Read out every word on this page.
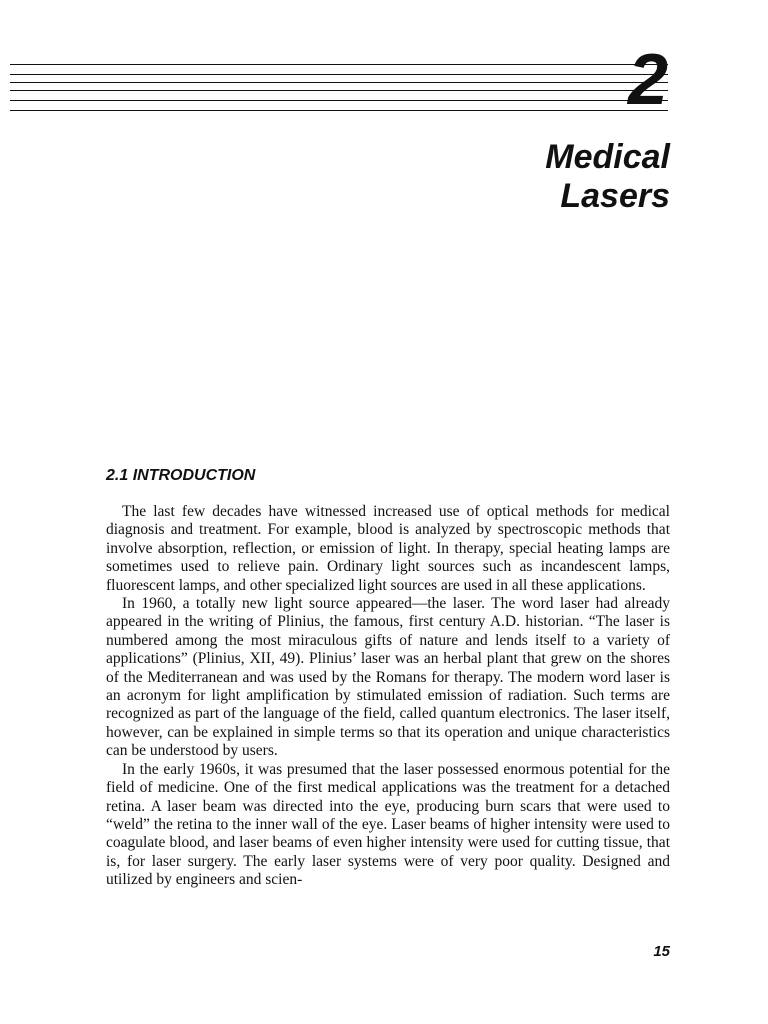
2
Medical
Lasers
2.1 INTRODUCTION

The last few decades have witnessed increased use of optical methods for medical diagnosis and treatment. For example, blood is analyzed by spectroscopic methods that involve absorption, reflection, or emission of light. In therapy, special heating lamps are sometimes used to relieve pain. Ordinary light sources such as incandescent lamps, fluorescent lamps, and other specialized light sources are used in all these applications.

In 1960, a totally new light source appeared—the laser. The word laser had already appeared in the writing of Plinius, the famous, first century A.D. historian. “The laser is numbered among the most miraculous gifts of nature and lends itself to a variety of applications” (Plinius, XII, 49). Plinius’ laser was an herbal plant that grew on the shores of the Mediterranean and was used by the Romans for therapy. The modern word laser is an acronym for light amplification by stimulated emission of radiation. Such terms are recognized as part of the language of the field, called quantum electronics. The laser itself, however, can be explained in simple terms so that its operation and unique characteristics can be understood by users.

In the early 1960s, it was presumed that the laser possessed enormous potential for the field of medicine. One of the first medical applications was the treatment for a detached retina. A laser beam was directed into the eye, producing burn scars that were used to “weld” the retina to the inner wall of the eye. Laser beams of higher intensity were used to coagulate blood, and laser beams of even higher intensity were used for cutting tissue, that is, for laser surgery. The early laser systems were of very poor quality. Designed and utilized by engineers and scien-

15
